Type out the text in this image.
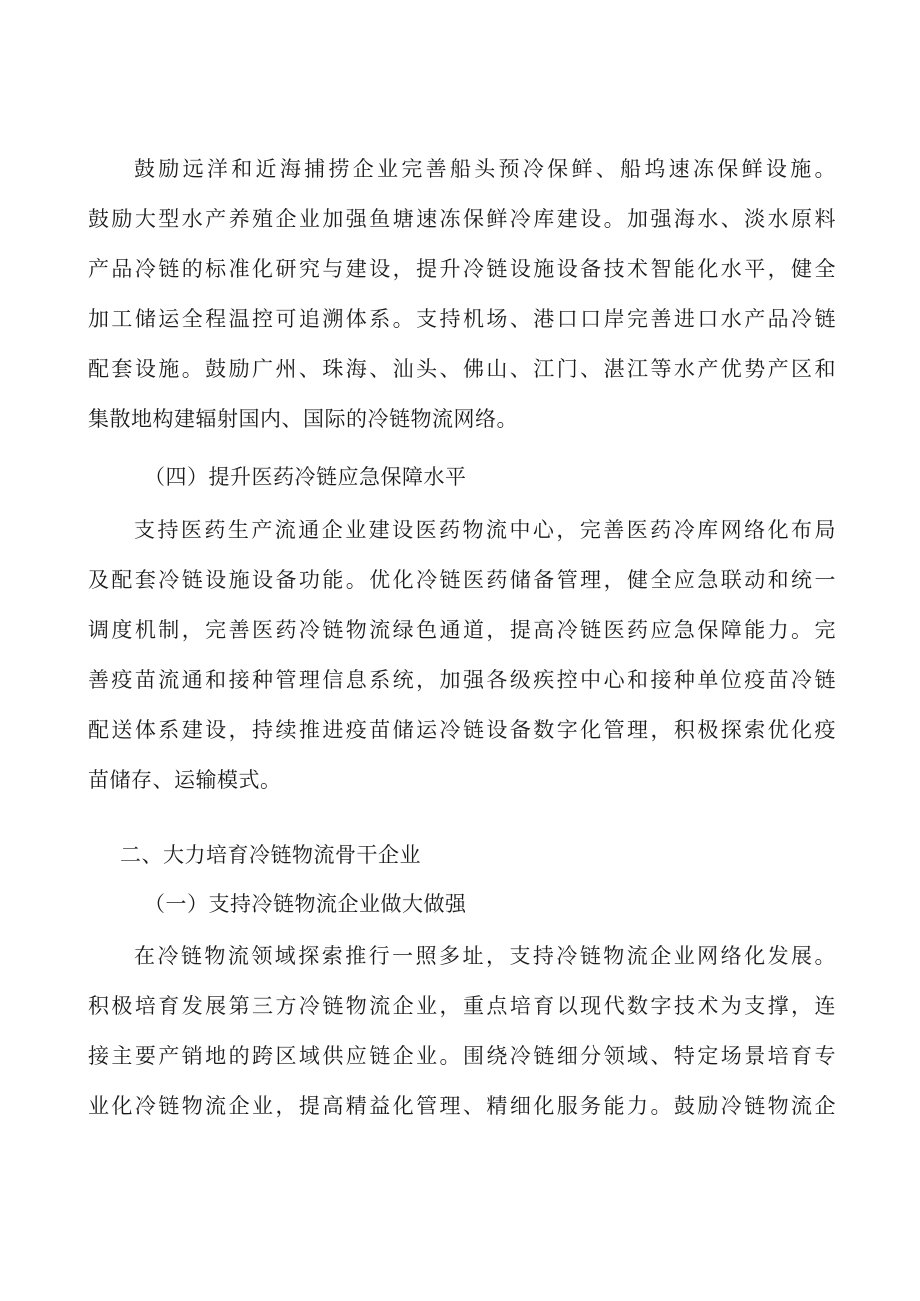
鼓励远洋和近海捕捞企业完善船头预冷保鲜、船坞速冻保鲜设施。
鼓励大型水产养殖企业加强鱼塘速冻保鲜冷库建设。加强海水、淡水原料
产品冷链的标准化研究与建设，提升冷链设施设备技术智能化水平，健全
加工储运全程温控可追溯体系。支持机场、港口口岸完善进口水产品冷链
配套设施。鼓励广州、珠海、汕头、佛山、江门、湛江等水产优势产区和
集散地构建辐射国内、国际的冷链物流网络。
（四）提升医药冷链应急保障水平
支持医药生产流通企业建设医药物流中心，完善医药冷库网络化布局
及配套冷链设施设备功能。优化冷链医药储备管理，健全应急联动和统一
调度机制，完善医药冷链物流绿色通道，提高冷链医药应急保障能力。完
善疫苗流通和接种管理信息系统，加强各级疾控中心和接种单位疫苗冷链
配送体系建设，持续推进疫苗储运冷链设备数字化管理，积极探索优化疫
苗储存、运输模式。
二、大力培育冷链物流骨干企业
（一）支持冷链物流企业做大做强
在冷链物流领域探索推行一照多址，支持冷链物流企业网络化发展。
积极培育发展第三方冷链物流企业，重点培育以现代数字技术为支撑，连
接主要产销地的跨区域供应链企业。围绕冷链细分领域、特定场景培育专
业化冷链物流企业，提高精益化管理、精细化服务能力。鼓励冷链物流企
